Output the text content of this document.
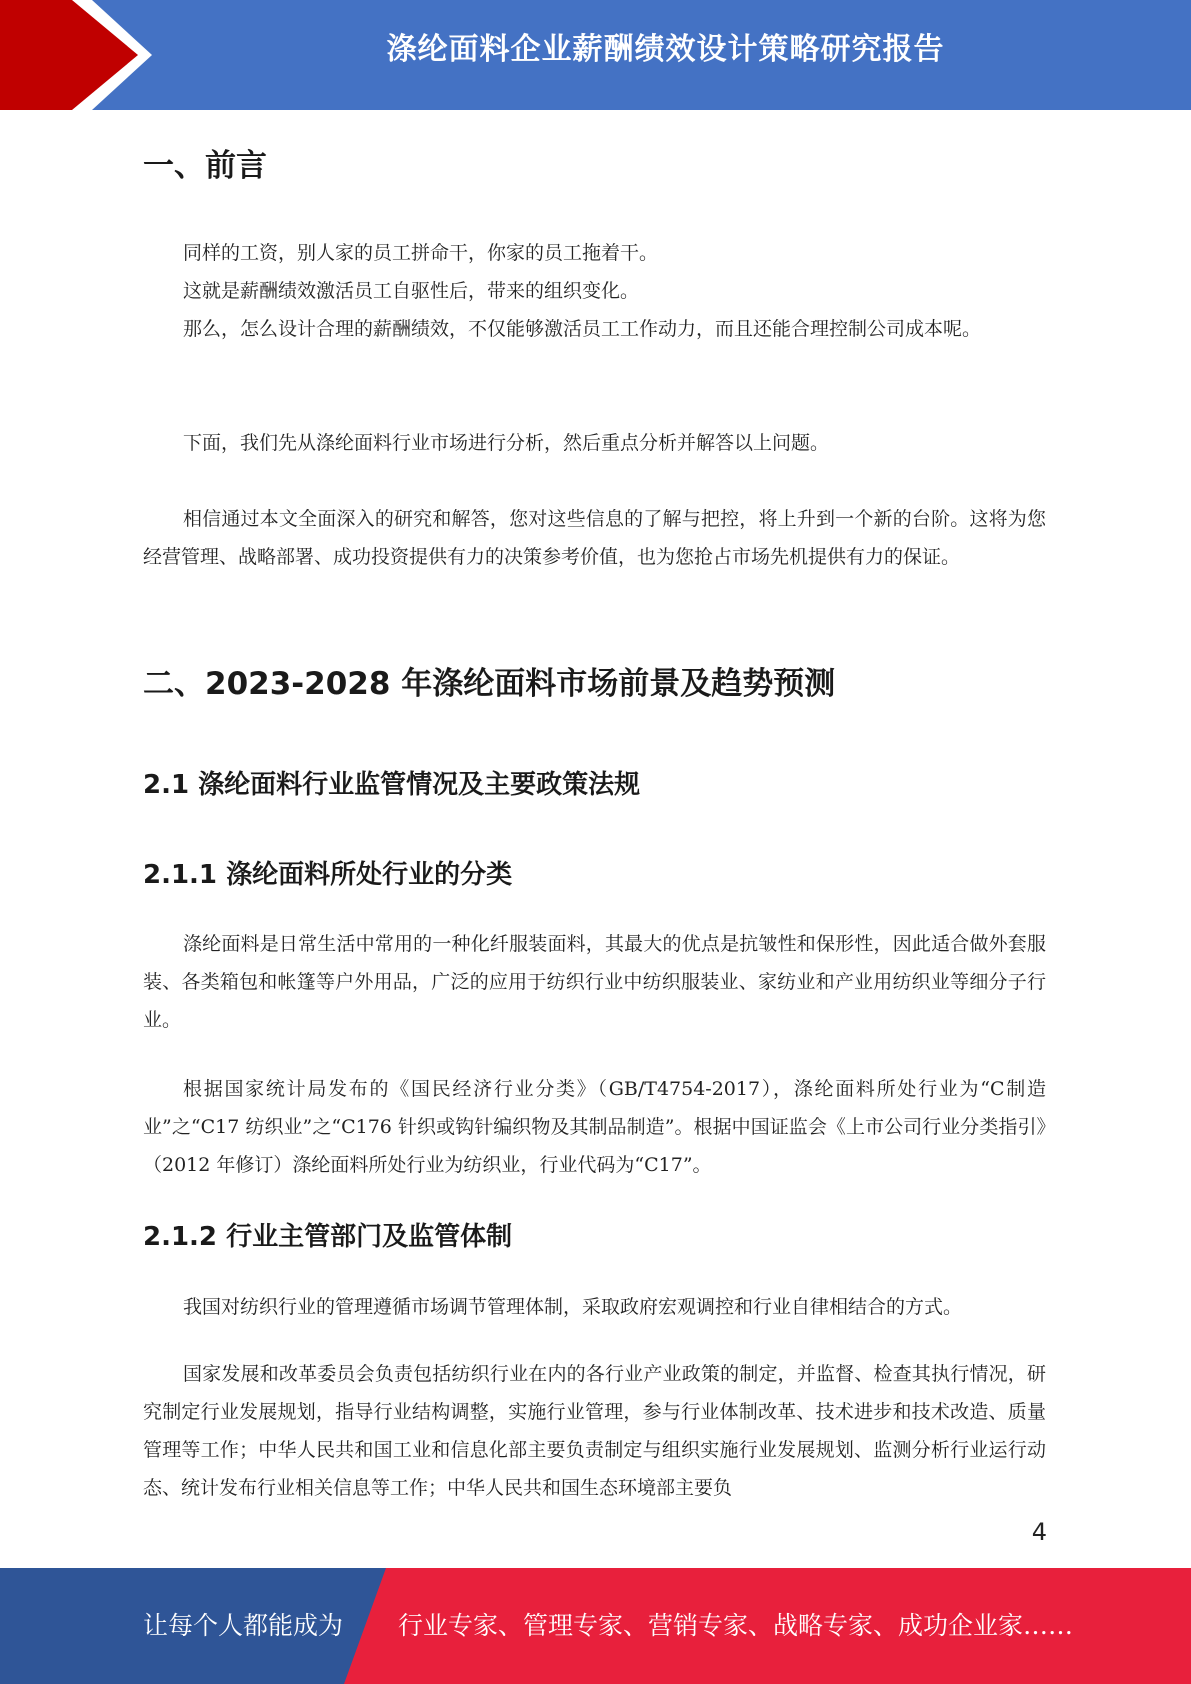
涤纶面料企业薪酬绩效设计策略研究报告
一、前言

同样的工资，别人家的员工拼命干，你家的员工拖着干。

这就是薪酬绩效激活员工自驱性后，带来的组织变化。

那么，怎么设计合理的薪酬绩效，不仅能够激活员工工作动力，而且还能合理控制公司成本呢。

下面，我们先从涤纶面料行业市场进行分析，然后重点分析并解答以上问题。

相信通过本文全面深入的研究和解答，您对这些信息的了解与把控，将上升到一个新的台阶。这将为您经营管理、战略部署、成功投资提供有力的决策参考价值，也为您抢占市场先机提供有力的保证。

二、2023-2028 年涤纶面料市场前景及趋势预测
2.1 涤纶面料行业监管情况及主要政策法规
2.1.1 涤纶面料所处行业的分类

涤纶面料是日常生活中常用的一种化纤服装面料，其最大的优点是抗皱性和保形性，因此适合做外套服装、各类箱包和帐篷等户外用品，广泛的应用于纺织行业中纺织服装业、家纺业和产业用纺织业等细分子行业。

根据国家统计局发布的《国民经济行业分类》（GB/T4754-2017），涤纶面料所处行业为“C制造业”之“C17 纺织业”之“C176 针织或钩针编织物及其制品制造”。根据中国证监会《上市公司行业分类指引》（2012 年修订）涤纶面料所处行业为纺织业，行业代码为“C17”。

2.1.2 行业主管部门及监管体制

我国对纺织行业的管理遵循市场调节管理体制，采取政府宏观调控和行业自律相结合的方式。

国家发展和改革委员会负责包括纺织行业在内的各行业产业政策的制定，并监督、检查其执行情况，研究制定行业发展规划，指导行业结构调整，实施行业管理，参与行业体制改革、技术进步和技术改造、质量管理等工作；中华人民共和国工业和信息化部主要负责制定与组织实施行业发展规划、监测分析行业运行动态、统计发布行业相关信息等工作；中华人民共和国生态环境部主要负

4
让每个人都能成为 行业专家、管理专家、营销专家、战略专家、成功企业家……
